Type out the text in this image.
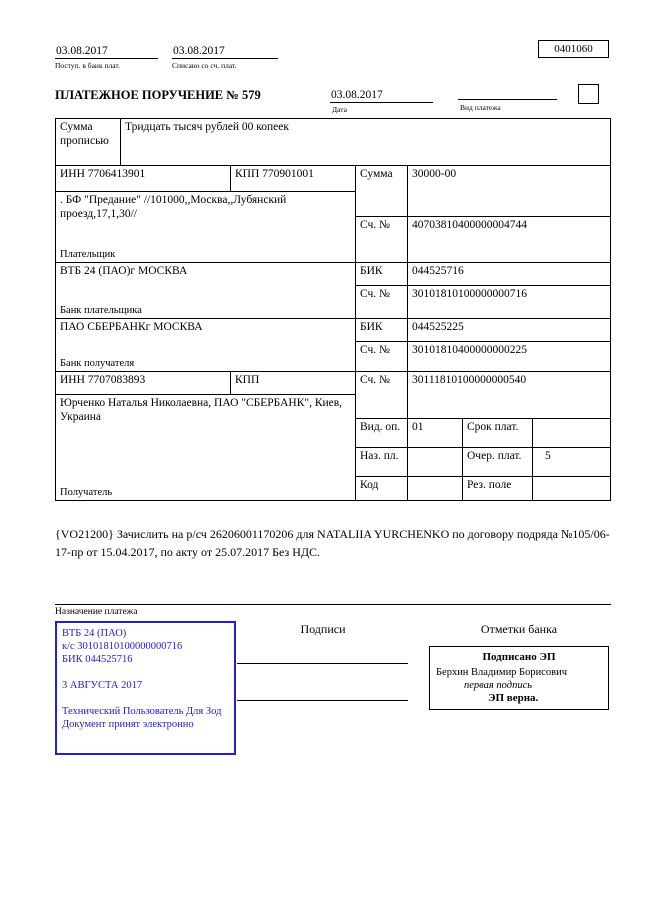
03.08.2017
Поступ. в банк плат.
03.08.2017
Списано со сч. плат.
0401060
ПЛАТЕЖНОЕ ПОРУЧЕНИЕ № 579	03.08.2017
Дата	Вид платежа
Сумма прописью	Тридцать тысяч рублей 00 копеек					
ИНН 7706413901		КПП 770901001	Сумма	30000-00		

. БФ "Предание" //101000,,Москва,,Лубянский проезд,17,1,30//
Плательщик						

			Сч. №	40703810400000004744		

ВТБ 24 (ПАО)г МОСКВА
Банк плательщика			БИК	044525716		
			Сч. №	30101810100000000716		

ПАО СБЕРБАНКг МОСКВА
Банк получателя			БИК	044525225		
			Сч. №	30101810400000000225		
ИНН 7707083893		КПП	Сч. №	30111810100000000540		

Юрченко Наталья Николаевна, ПАО "СБЕРБАНК", Киев, Украина
Получатель						

			Вид. оп.	01	Срок плат.	
			Наз. пл.		Очер. плат.	5
			Код		Рез. поле	
{VO21200} Зачислить на р/сч 26206001170206 для NATALIIA YURCHENKO по договору подряда №105/06-17-пр от 15.04.2017, по акту от 25.07.2017 Без НДС.
Назначение платежа
ВТБ 24 (ПАО)
к/с 30101810100000000716
БИК 044525716
3 АВГУСТА 2017
Технический Пользователь Для Зод
Документ принят электронно
Подписи	Отметки банка
Подписано ЭП
Берхин Владимир Борисович
первая подпись
ЭП верна.
